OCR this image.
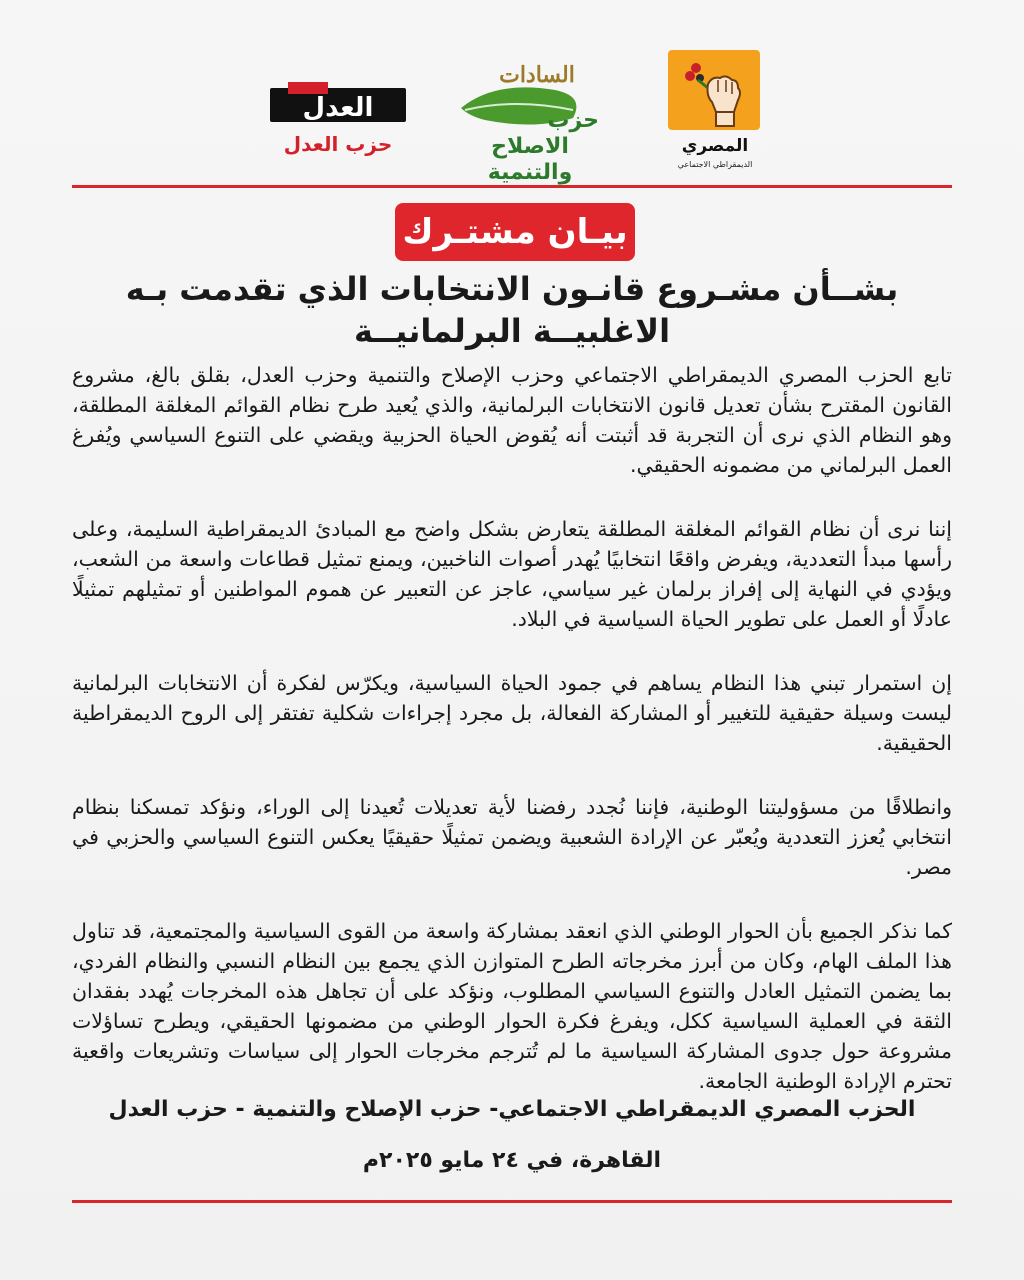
المصري
الديمقراطي الاجتماعي
السادات
حزب
الاصلاح والتنمية
العدل
حزب العدل
بيـان مشتـرك
بشــأن مشـروع قانـون الانتخابات الذي تقدمت بـه
الاغلبيــة البرلمانيــة

تابع الحزب المصري الديمقراطي الاجتماعي وحزب الإصلاح والتنمية وحزب العدل، بقلق بالغ، مشروع القانون المقترح بشأن تعديل قانون الانتخابات البرلمانية، والذي يُعيد طرح نظام القوائم المغلقة المطلقة، وهو النظام الذي نرى أن التجربة قد أثبتت أنه يُقوض الحياة الحزبية ويقضي على التنوع السياسي ويُفرغ العمل البرلماني من مضمونه الحقيقي.

إننا نرى أن نظام القوائم المغلقة المطلقة يتعارض بشكل واضح مع المبادئ الديمقراطية السليمة، وعلى رأسها مبدأ التعددية، ويفرض واقعًا انتخابيًا يُهدر أصوات الناخبين، ويمنع تمثيل قطاعات واسعة من الشعب، ويؤدي في النهاية إلى إفراز برلمان غير سياسي، عاجز عن التعبير عن هموم المواطنين أو تمثيلهم تمثيلًا عادلًا أو العمل على تطوير الحياة السياسية في البلاد.

إن استمرار تبني هذا النظام يساهم في جمود الحياة السياسية، ويكرّس لفكرة أن الانتخابات البرلمانية ليست وسيلة حقيقية للتغيير أو المشاركة الفعالة، بل مجرد إجراءات شكلية تفتقر إلى الروح الديمقراطية الحقيقية.

وانطلاقًا من مسؤوليتنا الوطنية، فإننا نُجدد رفضنا لأية تعديلات تُعيدنا إلى الوراء، ونؤكد تمسكنا بنظام انتخابي يُعزز التعددية ويُعبّر عن الإرادة الشعبية ويضمن تمثيلًا حقيقيًا يعكس التنوع السياسي والحزبي في مصر.

كما نذكر الجميع بأن الحوار الوطني الذي انعقد بمشاركة واسعة من القوى السياسية والمجتمعية، قد تناول هذا الملف الهام، وكان من أبرز مخرجاته الطرح المتوازن الذي يجمع بين النظام النسبي والنظام الفردي، بما يضمن التمثيل العادل والتنوع السياسي المطلوب، ونؤكد على أن تجاهل هذه المخرجات يُهدد بفقدان الثقة في العملية السياسية ككل، ويفرغ فكرة الحوار الوطني من مضمونها الحقيقي، ويطرح تساؤلات مشروعة حول جدوى المشاركة السياسية ما لم تُترجم مخرجات الحوار إلى سياسات وتشريعات واقعية تحترم الإرادة الوطنية الجامعة.

الحزب المصري الديمقراطي الاجتماعي- حزب الإصلاح والتنمية - حزب العدل
القاهرة، في ٢٤ مايو ٢٠٢٥م
